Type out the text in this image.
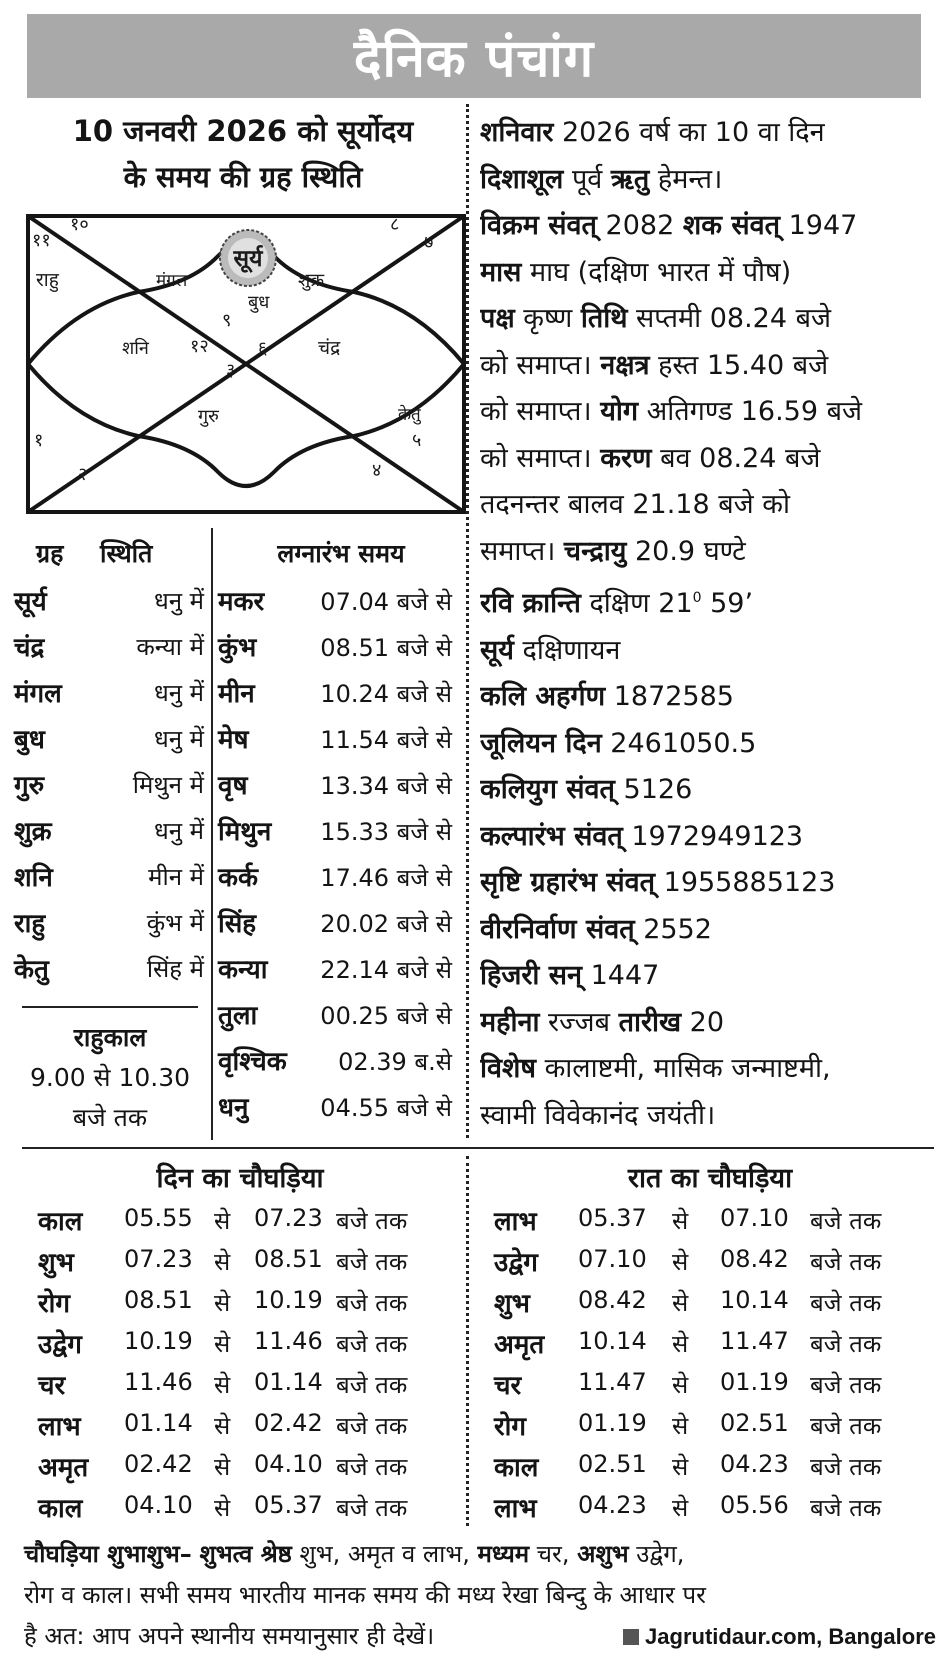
दैनिक पंचांग
10 जनवरी 2026 को सूर्योदय
के समय की ग्रह स्थिति
सूर्य
मंगल	शुक्र
बुध
राहु
शनि	चंद्र
गुरु	केतु
१०
११
१२
१
२
३
४
५
६
७
८
९
ग्रह स्थिति
सूर्य	धनु में
चंद्र	कन्या में
मंगल	धनु में
बुध	धनु में
गुरु	मिथुन में
शुक्र	धनु में
शनि	मीन में
राहु	कुंभ में
केतु	सिंह में
राहुकाल
9.00 से 10.30
बजे तक
लग्नारंभ समय
मकर 07.04 बजे से
कुंभ	08.51 बजे से
मीन	10.24 बजे से
मेष	11.54 बजे से
वृष	13.34 बजे से
मिथुन 15.33 बजे से
कर्क	17.46 बजे से
सिंह	20.02 बजे से
कन्या 22.14 बजे से
तुला	00.25 बजे से
वृश्चिक 02.39 ब.से
धनु	04.55 बजे से
शनिवार 2026 वर्ष का 10 वा दिन
दिशाशूल पूर्व ऋतु हेमन्त।
विक्रम संवत् 2082 शक संवत् 1947
मास माघ (दक्षिण भारत में पौष)
पक्ष कृष्ण तिथि सप्तमी 08.24 बजे
को समाप्त। नक्षत्र हस्त 15.40 बजे
को समाप्त। योग अतिगण्ड 16.59 बजे
को समाप्त। करण बव 08.24 बजे
तदनन्तर बालव 21.18 बजे को
समाप्त। चन्द्रायु 20.9 घण्टे
रवि क्रान्ति दक्षिण $21^0$ 59’
सूर्य दक्षिणायन
कलि अहर्गण 1872585
जूलियन दिन 2461050.5
कलियुग संवत् 5126
कल्पारंभ संवत् 1972949123
सृष्टि ग्रहारंभ संवत् 1955885123
वीरनिर्वाण संवत् 2552
हिजरी सन् 1447
महीना रज्जब तारीख 20
विशेष कालाष्टमी, मासिक जन्माष्टमी,
स्वामी विवेकानंद जयंती।
दिन का चौघड़िया
काल 05.55 से 07.23 बजे तक
शुभ 07.23 से 08.51 बजे तक
रोग 08.51 से 10.19 बजे तक
उद्वेग 10.19 से 11.46 बजे तक
चर 11.46 से 01.14 बजे तक
लाभ 01.14 से 02.42 बजे तक
अमृत 02.42 से 04.10 बजे तक
काल 04.10 से 05.37 बजे तक
रात का चौघड़िया
लाभ 05.37 से 07.10 बजे तक
उद्वेग 07.10 से 08.42 बजे तक
शुभ 08.42 से 10.14 बजे तक
अमृत 10.14 से 11.47 बजे तक
चर 11.47 से 01.19 बजे तक
रोग 01.19 से 02.51 बजे तक
काल 02.51 से 04.23 बजे तक
लाभ 04.23 से 05.56 बजे तक
चौघड़िया शुभाशुभ– शुभत्व श्रेष्ठ शुभ, अमृत व लाभ, मध्यम चर, अशुभ उद्वेग,
रोग व काल। सभी समय भारतीय मानक समय की मध्य रेखा बिन्दु के आधार पर
है अत: आप अपने स्थानीय समयानुसार ही देखें।	Jagrutidaur.com, Bangalore
